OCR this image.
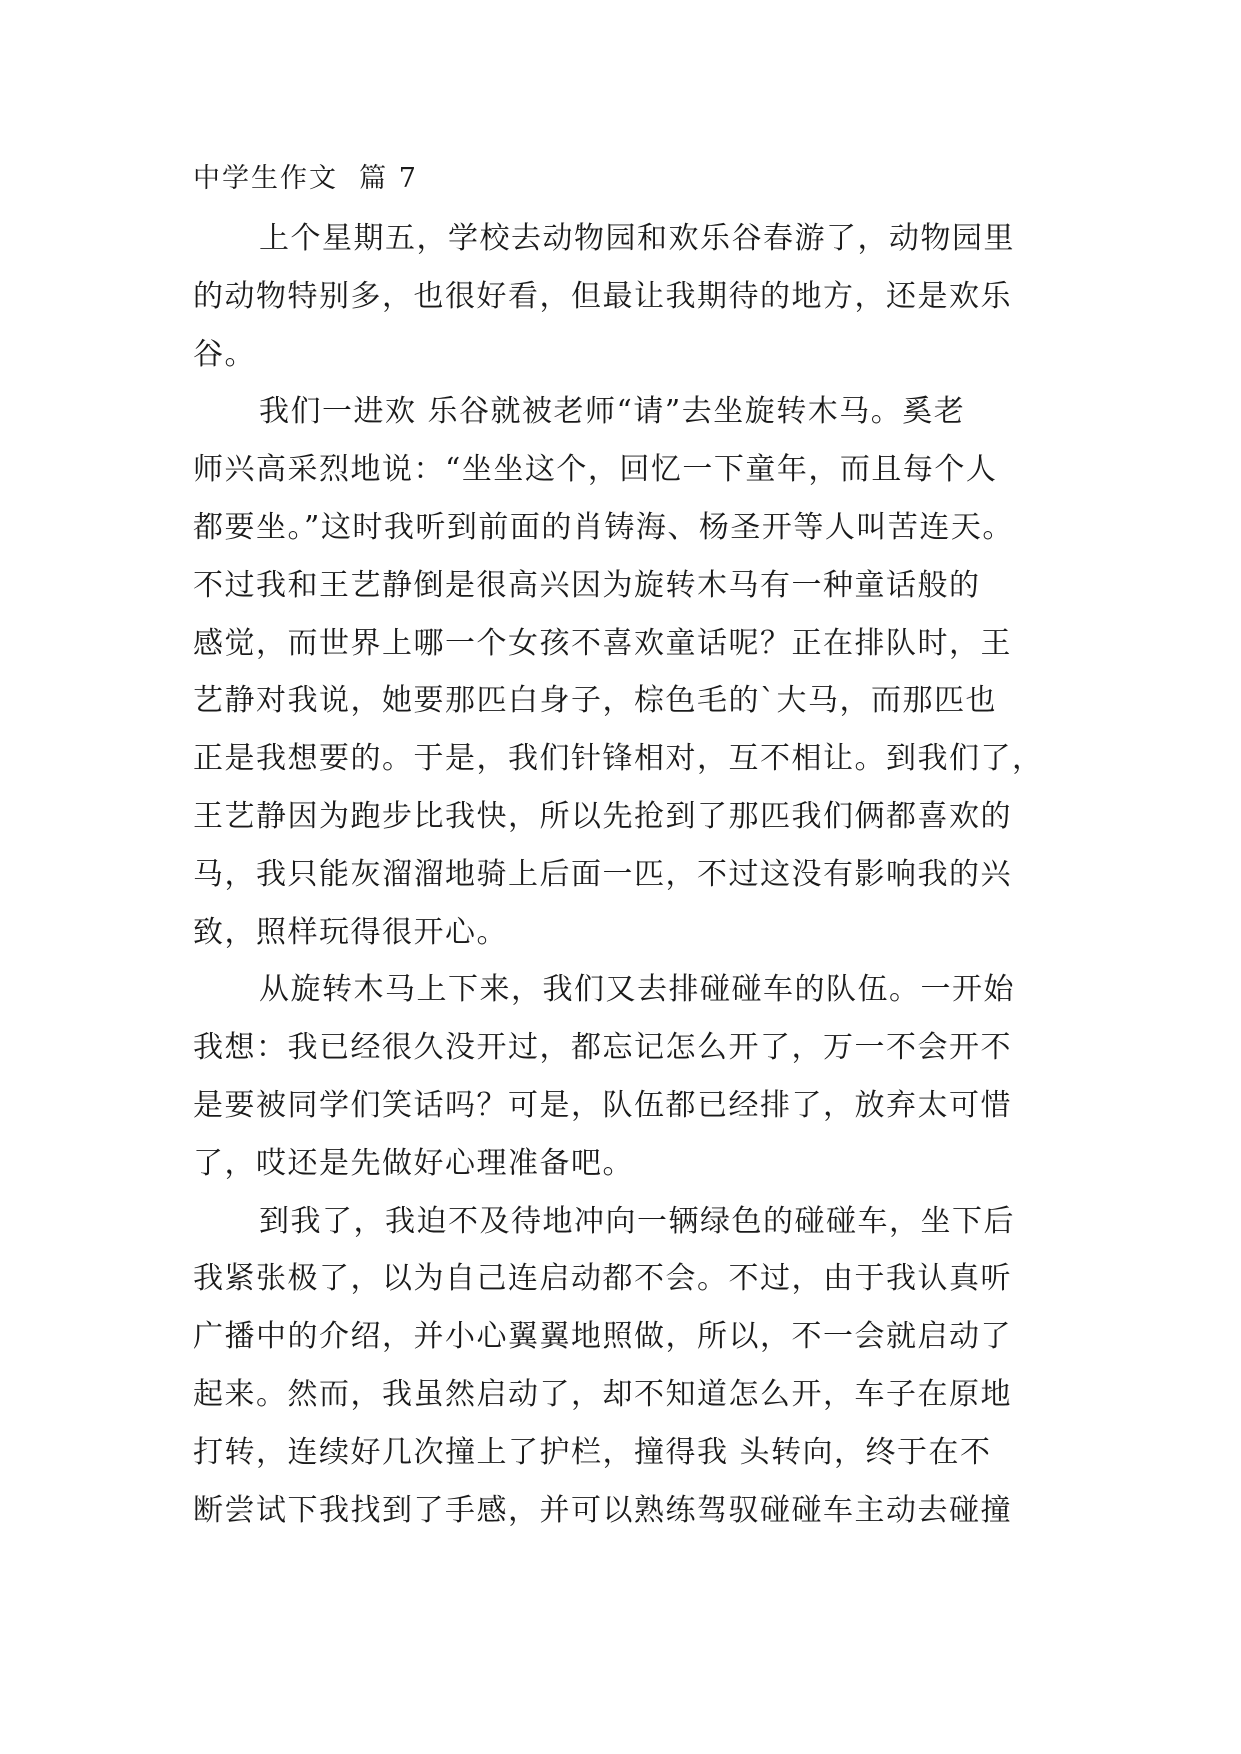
中学生作文  篇 7
上个星期五，学校去动物园和欢乐谷春游了，动物园里
的动物特别多，也很好看，但最让我期待的地方，还是欢乐
谷。
我们一进欢 乐谷就被老师“请”去坐旋转木马。奚老
师兴高采烈地说：“坐坐这个，回忆一下童年，而且每个人
都要坐。”这时我听到前面的肖铸海、杨圣开等人叫苦连天。
不过我和王艺静倒是很高兴因为旋转木马有一种童话般的
感觉，而世界上哪一个女孩不喜欢童话呢？正在排队时，王
艺静对我说，她要那匹白身子，棕色毛的`大马，而那匹也
正是我想要的。于是，我们针锋相对，互不相让。到我们了，
王艺静因为跑步比我快，所以先抢到了那匹我们俩都喜欢的
马，我只能灰溜溜地骑上后面一匹，不过这没有影响我的兴
致，照样玩得很开心。
从旋转木马上下来，我们又去排碰碰车的队伍。一开始
我想：我已经很久没开过，都忘记怎么开了，万一不会开不
是要被同学们笑话吗？可是，队伍都已经排了，放弃太可惜
了，哎还是先做好心理准备吧。
到我了，我迫不及待地冲向一辆绿色的碰碰车，坐下后
我紧张极了，以为自己连启动都不会。不过，由于我认真听
广播中的介绍，并小心翼翼地照做，所以，不一会就启动了
起来。然而，我虽然启动了，却不知道怎么开，车子在原地
打转，连续好几次撞上了护栏，撞得我 头转向，终于在不
断尝试下我找到了手感，并可以熟练驾驭碰碰车主动去碰撞
